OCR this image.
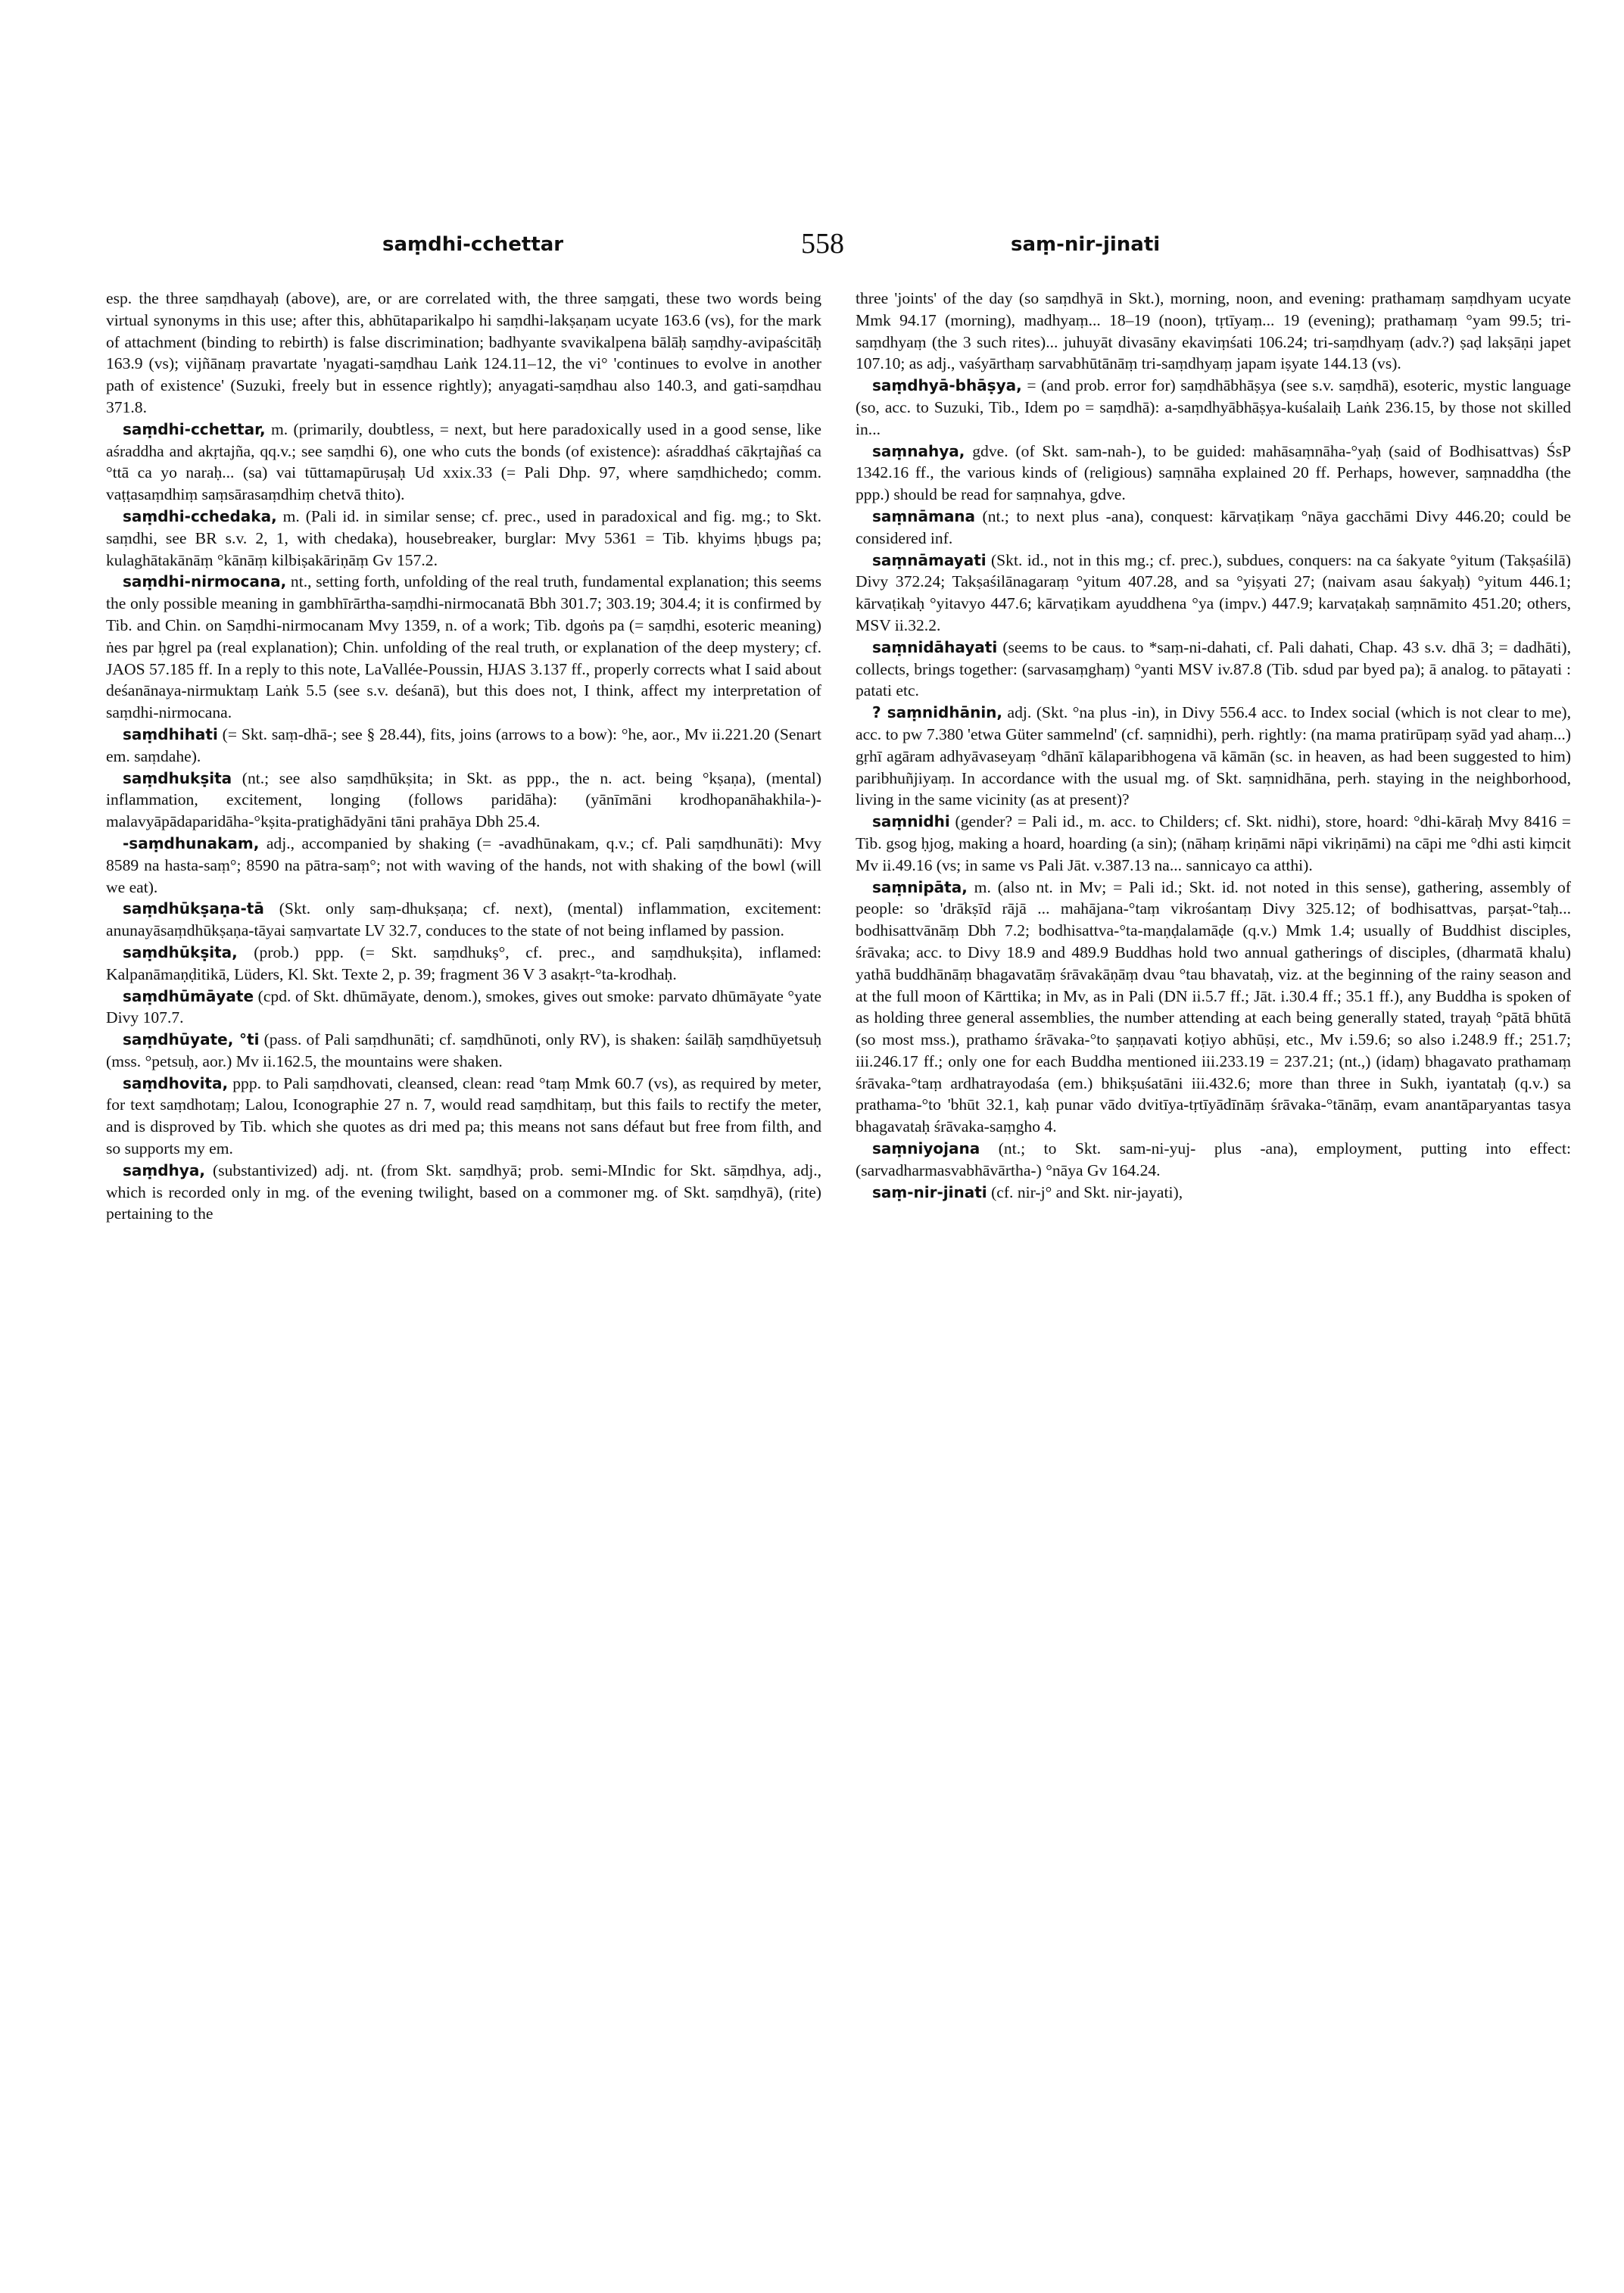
saṃdhi-cchettar	558	saṃ-nir-jinati

esp. the three saṃdhayaḥ (above), are, or are correlated with, the three saṃgati, these two words being virtual synonyms in this use; after this, abhūtaparikalpo hi saṃdhi-lakṣaṇam ucyate 163.6 (vs), for the mark of attachment (binding to rebirth) is false discrimination; badhyante svavikalpena bālāḥ saṃdhy-avipaścitāḥ 163.9 (vs); vijñānaṃ pravartate 'nyagati-saṃdhau Laṅk 124.11–12, the vi° 'continues to evolve in another path of existence' (Suzuki, freely but in essence rightly); anyagati-saṃdhau also 140.3, and gati-saṃdhau 371.8.

saṃdhi-cchettar, m. (primarily, doubtless, = next, but here paradoxically used in a good sense, like aśraddha and akṛtajña, qq.v.; see saṃdhi 6), one who cuts the bonds (of existence): aśraddhaś cākṛtajñaś ca °ttā ca yo naraḥ... (sa) vai tūttamapūruṣaḥ Ud xxix.33 (= Pali Dhp. 97, where saṃdhichedo; comm. vaṭṭasaṃdhiṃ saṃsārasaṃdhiṃ chetvā thito).

saṃdhi-cchedaka, m. (Pali id. in similar sense; cf. prec., used in paradoxical and fig. mg.; to Skt. saṃdhi, see BR s.v. 2, 1, with chedaka), housebreaker, burglar: Mvy 5361 = Tib. khyims ḥbugs pa; kulaghātakānāṃ °kānāṃ kilbiṣakāriṇāṃ Gv 157.2.

saṃdhi-nirmocana, nt., setting forth, unfolding of the real truth, fundamental explanation; this seems the only possible meaning in gambhīrārtha-saṃdhi-nirmocanatā Bbh 301.7; 303.19; 304.4; it is confirmed by Tib. and Chin. on Saṃdhi-nirmocanam Mvy 1359, n. of a work; Tib. dgoṅs pa (= saṃdhi, esoteric meaning) ṅes par ḥgrel pa (real explanation); Chin. unfolding of the real truth, or explanation of the deep mystery; cf. JAOS 57.185 ff. In a reply to this note, LaVallée-Poussin, HJAS 3.137 ff., properly corrects what I said about deśanānaya-nirmuktaṃ Laṅk 5.5 (see s.v. deśanā), but this does not, I think, affect my interpretation of saṃdhi-nirmocana.

saṃdhihati (= Skt. saṃ-dhā-; see § 28.44), fits, joins (arrows to a bow): °he, aor., Mv ii.221.20 (Senart em. saṃdahe).

saṃdhukṣita (nt.; see also saṃdhūkṣita; in Skt. as ppp., the n. act. being °kṣaṇa), (mental) inflammation, excitement, longing (follows paridāha): (yānīmāni krodhopanāhakhila-)-malavyāpādaparidāha-°kṣita-pratighādyāni tāni prahāya Dbh 25.4.

-saṃdhunakam, adj., accompanied by shaking (= -avadhūnakam, q.v.; cf. Pali saṃdhunāti): Mvy 8589 na hasta-saṃ°; 8590 na pātra-saṃ°; not with waving of the hands, not with shaking of the bowl (will we eat).

saṃdhūkṣaṇa-tā (Skt. only saṃ-dhukṣaṇa; cf. next), (mental) inflammation, excitement: anunayāsaṃdhūkṣaṇa-tāyai saṃvartate LV 32.7, conduces to the state of not being inflamed by passion.

saṃdhūkṣita, (prob.) ppp. (= Skt. saṃdhukṣ°, cf. prec., and saṃdhukṣita), inflamed: Kalpanāmaṇḍitikā, Lüders, Kl. Skt. Texte 2, p. 39; fragment 36 V 3 asakṛt-°ta-krodhaḥ.

saṃdhūmāyate (cpd. of Skt. dhūmāyate, denom.), smokes, gives out smoke: parvato dhūmāyate °yate Divy 107.7.

saṃdhūyate, °ti (pass. of Pali saṃdhunāti; cf. saṃdhūnoti, only RV), is shaken: śailāḥ saṃdhūyetsuḥ (mss. °petsuḥ, aor.) Mv ii.162.5, the mountains were shaken.

saṃdhovita, ppp. to Pali saṃdhovati, cleansed, clean: read °taṃ Mmk 60.7 (vs), as required by meter, for text saṃdhotaṃ; Lalou, Iconographie 27 n. 7, would read saṃdhitaṃ, but this fails to rectify the meter, and is disproved by Tib. which she quotes as dri med pa; this means not sans défaut but free from filth, and so supports my em.

saṃdhya, (substantivized) adj. nt. (from Skt. saṃdhyā; prob. semi-MIndic for Skt. sāṃdhya, adj., which is recorded only in mg. of the evening twilight, based on a commoner mg. of Skt. saṃdhyā), (rite) pertaining to the

three 'joints' of the day (so saṃdhyā in Skt.), morning, noon, and evening: prathamaṃ saṃdhyam ucyate Mmk 94.17 (morning), madhyaṃ... 18–19 (noon), tṛtīyaṃ... 19 (evening); prathamaṃ °yam 99.5; tri-saṃdhyaṃ (the 3 such rites)... juhuyāt divasāny ekaviṃśati 106.24; tri-saṃdhyaṃ (adv.?) ṣaḍ lakṣāṇi japet 107.10; as adj., vaśyārthaṃ sarvabhūtānāṃ tri-saṃdhyaṃ japam iṣyate 144.13 (vs).

saṃdhyā-bhāṣya, = (and prob. error for) saṃdhābhāṣya (see s.v. saṃdhā), esoteric, mystic language (so, acc. to Suzuki, Tib., Idem po = saṃdhā): a-saṃdhyābhāṣya-kuśalaiḥ Laṅk 236.15, by those not skilled in...

saṃnahya, gdve. (of Skt. sam-nah-), to be guided: mahāsaṃnāha-°yaḥ (said of Bodhisattvas) ŚsP 1342.16 ff., the various kinds of (religious) saṃnāha explained 20 ff. Perhaps, however, saṃnaddha (the ppp.) should be read for saṃnahya, gdve.

saṃnāmana (nt.; to next plus -ana), conquest: kārvaṭikaṃ °nāya gacchāmi Divy 446.20; could be considered inf.

saṃnāmayati (Skt. id., not in this mg.; cf. prec.), subdues, conquers: na ca śakyate °yitum (Takṣaśilā) Divy 372.24; Takṣaśilānagaraṃ °yitum 407.28, and sa °yiṣyati 27; (naivam asau śakyaḥ) °yitum 446.1; kārvaṭikaḥ °yitavyo 447.6; kārvaṭikam ayuddhena °ya (impv.) 447.9; karvaṭakaḥ saṃnāmito 451.20; others, MSV ii.32.2.

saṃnidāhayati (seems to be caus. to *saṃ-ni-dahati, cf. Pali dahati, Chap. 43 s.v. dhā 3; = dadhāti), collects, brings together: (sarvasaṃghaṃ) °yanti MSV iv.87.8 (Tib. sdud par byed pa); ā analog. to pātayati : patati etc.

? saṃnidhānin, adj. (Skt. °na plus -in), in Divy 556.4 acc. to Index social (which is not clear to me), acc. to pw 7.380 'etwa Güter sammelnd' (cf. saṃnidhi), perh. rightly: (na mama pratirūpaṃ syād yad ahaṃ...) gṛhī agāram adhyāvaseyaṃ °dhānī kālaparibhogena vā kāmān (sc. in heaven, as had been suggested to him) paribhuñjiyaṃ. In accordance with the usual mg. of Skt. saṃnidhāna, perh. staying in the neighborhood, living in the same vicinity (as at present)?

saṃnidhi (gender? = Pali id., m. acc. to Childers; cf. Skt. nidhi), store, hoard: °dhi-kāraḥ Mvy 8416 = Tib. gsog ḥjog, making a hoard, hoarding (a sin); (nāhaṃ kriṇāmi nāpi vikriṇāmi) na cāpi me °dhi asti kiṃcit Mv ii.49.16 (vs; in same vs Pali Jāt. v.387.13 na... sannicayo ca atthi).

saṃnipāta, m. (also nt. in Mv; = Pali id.; Skt. id. not noted in this sense), gathering, assembly of people: so 'drākṣīd rājā ... mahājana-°taṃ vikrośantaṃ Divy 325.12; of bodhisattvas, parṣat-°taḥ... bodhisattvānāṃ Dbh 7.2; bodhisattva-°ta-maṇḍalamāḍe (q.v.) Mmk 1.4; usually of Buddhist disciples, śrāvaka; acc. to Divy 18.9 and 489.9 Buddhas hold two annual gatherings of disciples, (dharmatā khalu) yathā buddhānāṃ bhagavatāṃ śrāvakāṇāṃ dvau °tau bhavataḥ, viz. at the beginning of the rainy season and at the full moon of Kārttika; in Mv, as in Pali (DN ii.5.7 ff.; Jāt. i.30.4 ff.; 35.1 ff.), any Buddha is spoken of as holding three general assemblies, the number attending at each being generally stated, trayaḥ °pātā bhūtā (so most mss.), prathamo śrāvaka-°to ṣaṇṇavati koṭiyo abhūṣi, etc., Mv i.59.6; so also i.248.9 ff.; 251.7; iii.246.17 ff.; only one for each Buddha mentioned iii.233.19 = 237.21; (nt.,) (idaṃ) bhagavato prathamaṃ śrāvaka-°taṃ ardhatrayodaśa (em.) bhikṣuśatāni iii.432.6; more than three in Sukh, iyantataḥ (q.v.) sa prathama-°to 'bhūt 32.1, kaḥ punar vādo dvitīya-tṛtīyādīnāṃ śrāvaka-°tānāṃ, evam anantāparyantas tasya bhagavataḥ śrāvaka-saṃgho 4.

saṃniyojana (nt.; to Skt. sam-ni-yuj- plus -ana), employment, putting into effect: (sarvadharmasvabhāvārtha-) °nāya Gv 164.24.

saṃ-nir-jinati (cf. nir-j° and Skt. nir-jayati),
